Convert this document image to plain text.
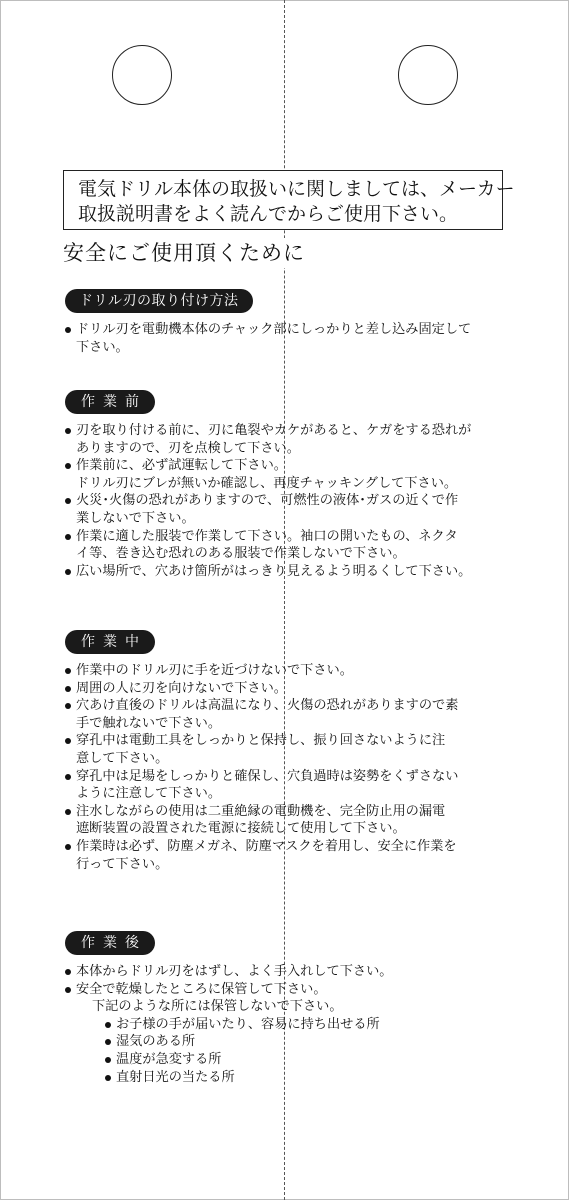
電気ドリル本体の取扱いに関しましては、メーカー
取扱説明書をよく読んでからご使用下さい。
安全にご使用頂くために
ドリル刃の取り付け方法
ドリル刃を電動機本体のチャック部にしっかりと差し込み固定して
下さい。
作業前
刃を取り付ける前に、刃に亀裂やカケがあると、ケガをする恐れが
ありますので、刃を点検して下さい。
作業前に、必ず試運転して下さい。
ドリル刃にブレが無いか確認し、再度チャッキングして下さい。
火災･火傷の恐れがありますので、可燃性の液体･ガスの近くで作
業しないで下さい。
作業に適した服装で作業して下さい。袖口の開いたもの、ネクタ
イ等、巻き込む恐れのある服装で作業しないで下さい。
広い場所で、穴あけ箇所がはっきり見えるよう明るくして下さい。
作業中
作業中のドリル刃に手を近づけないで下さい。
周囲の人に刃を向けないで下さい。
穴あけ直後のドリルは高温になり、火傷の恐れがありますので素
手で触れないで下さい。
穿孔中は電動工具をしっかりと保持し、振り回さないように注
意して下さい。
穿孔中は足場をしっかりと確保し、穴負過時は姿勢をくずさない
ように注意して下さい。
注水しながらの使用は二重絶縁の電動機を、完全防止用の漏電
遮断装置の設置された電源に接続して使用して下さい。
作業時は必ず、防塵メガネ、防塵マスクを着用し、安全に作業を
行って下さい。
作業後
本体からドリル刃をはずし、よく手入れして下さい。
安全で乾燥したところに保管して下さい。
下記のような所には保管しないで下さい。
お子様の手が届いたり、容易に持ち出せる所
湿気のある所
温度が急変する所
直射日光の当たる所
